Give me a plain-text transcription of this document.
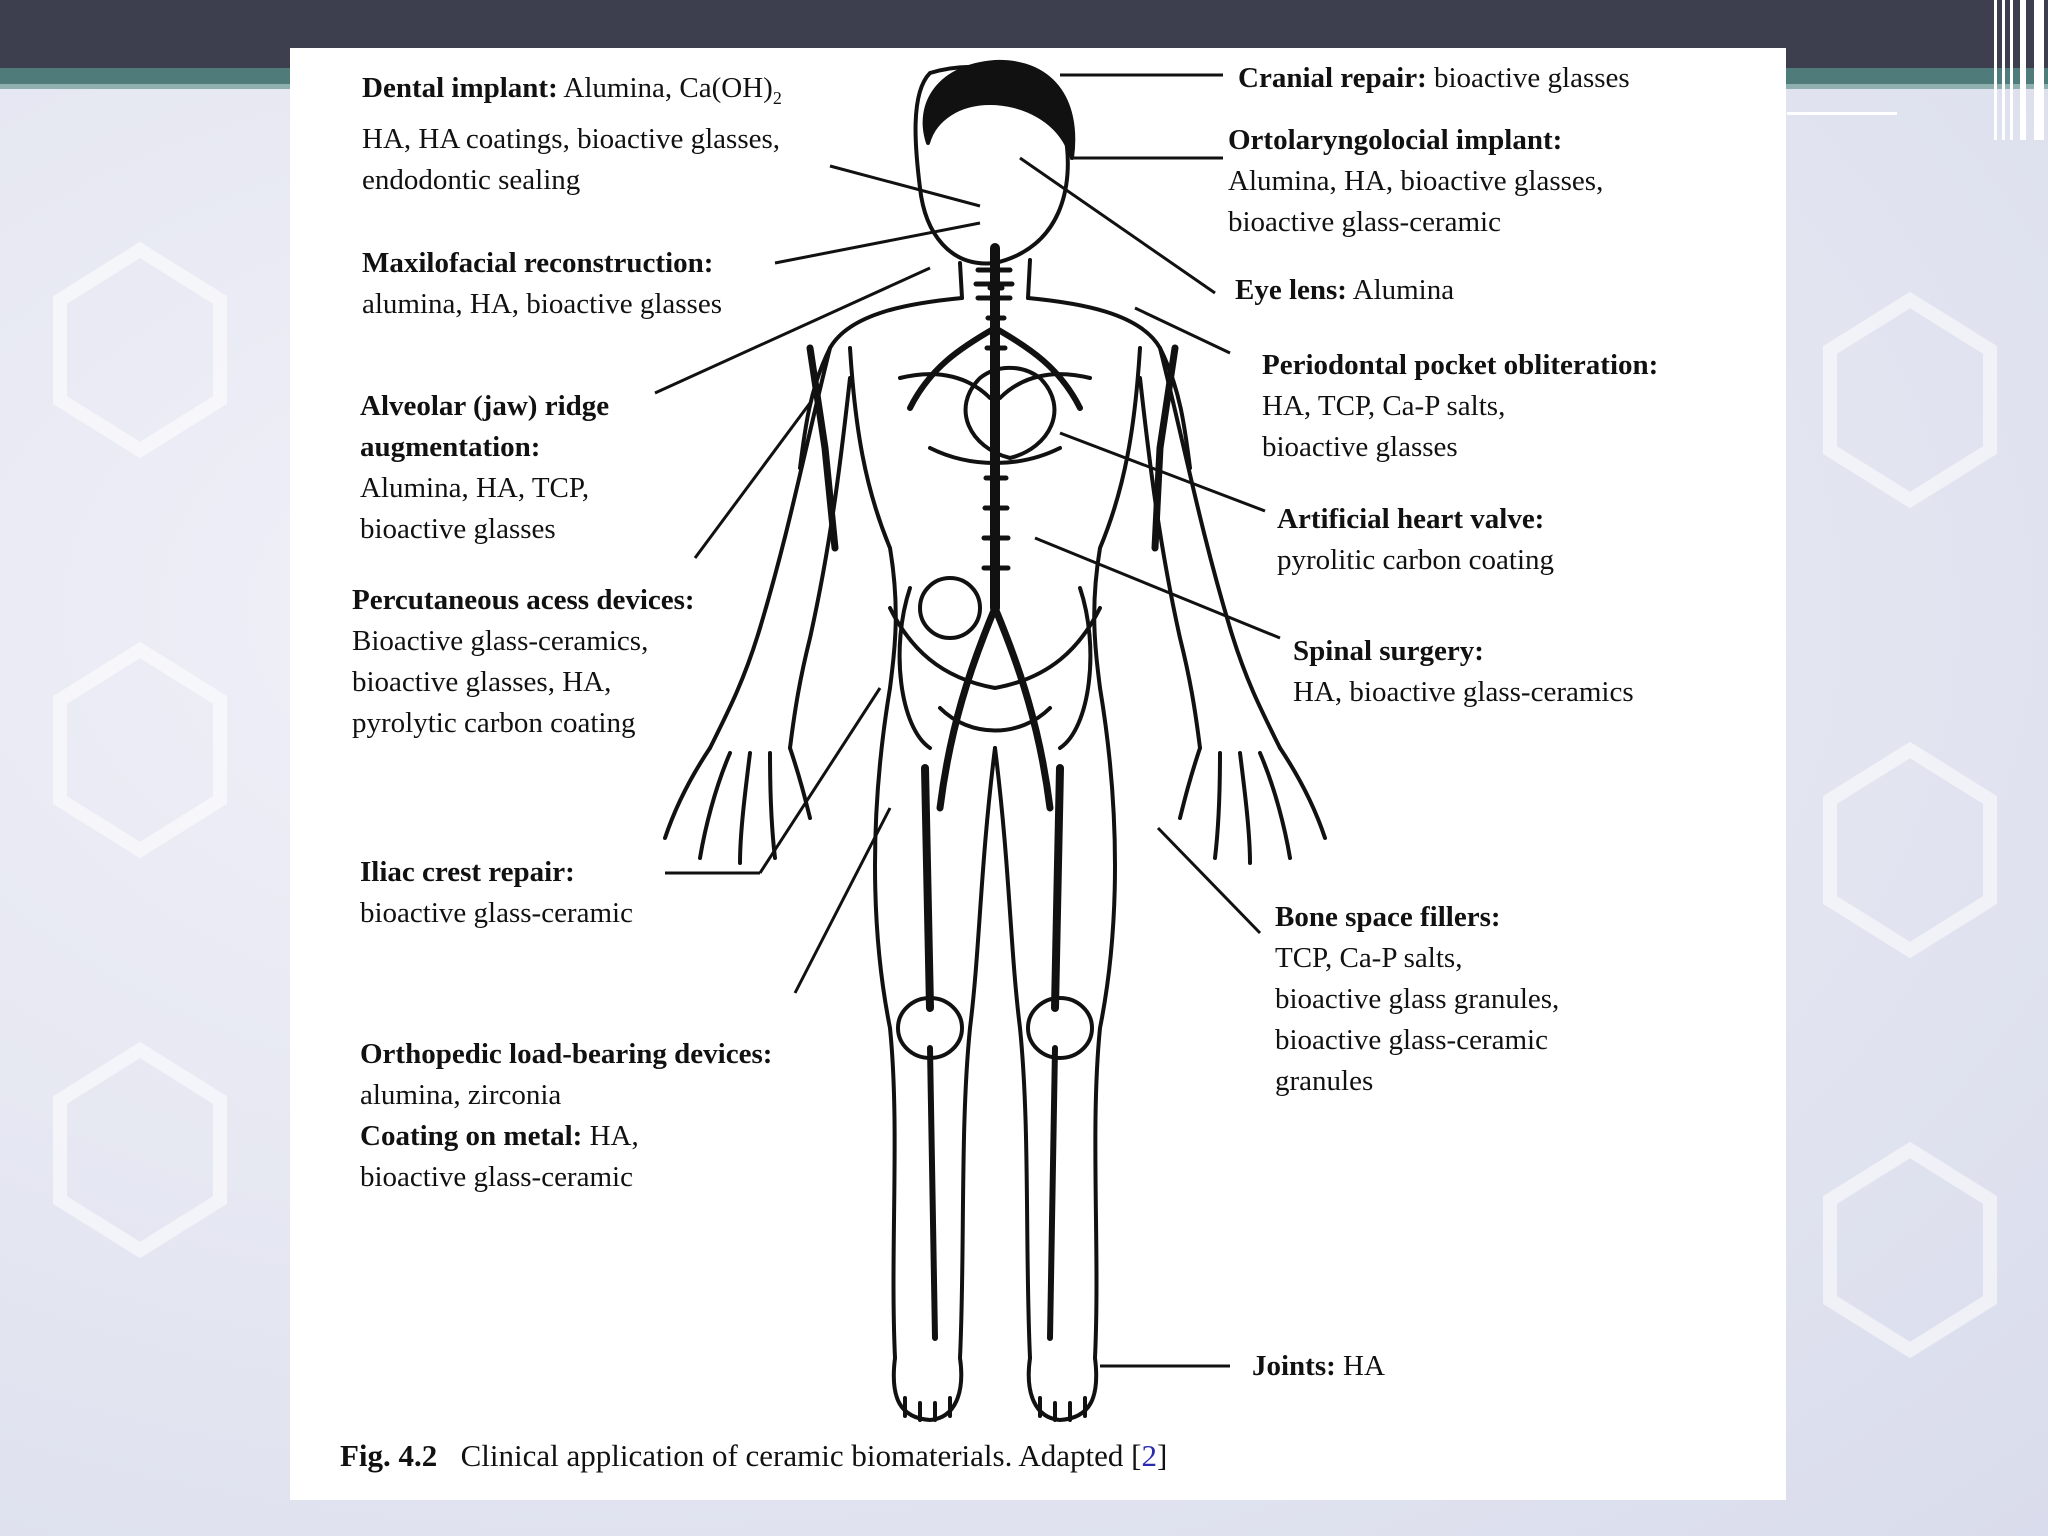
Dental implant: Alumina, $Ca(OH)_2$
HA, HA coatings, bioactive glasses,
endodontic sealing
Maxilofacial reconstruction:
alumina, HA, bioactive glasses
Alveolar (jaw) ridge
augmentation:
Alumina, HA, TCP,
bioactive glasses
Percutaneous acess devices:
Bioactive glass-ceramics,
bioactive glasses, HA,
pyrolytic carbon coating
Iliac crest repair:
bioactive glass-ceramic
Orthopedic load-bearing devices:
alumina, zirconia
Coating on metal: HA,
bioactive glass-ceramic
Cranial repair: bioactive glasses
Ortolaryngolocial implant:
Alumina, HA, bioactive glasses,
bioactive glass-ceramic
Eye lens: Alumina
Periodontal pocket obliteration:
HA, TCP, Ca-P salts,
bioactive glasses
Artificial heart valve:
pyrolitic carbon coating
Spinal surgery:
HA, bioactive glass-ceramics
Bone space fillers:
TCP, Ca-P salts,
bioactive glass granules,
bioactive glass-ceramic
granules
Joints: HA
Fig. 4.2 Clinical application of ceramic biomaterials. Adapted [2]
